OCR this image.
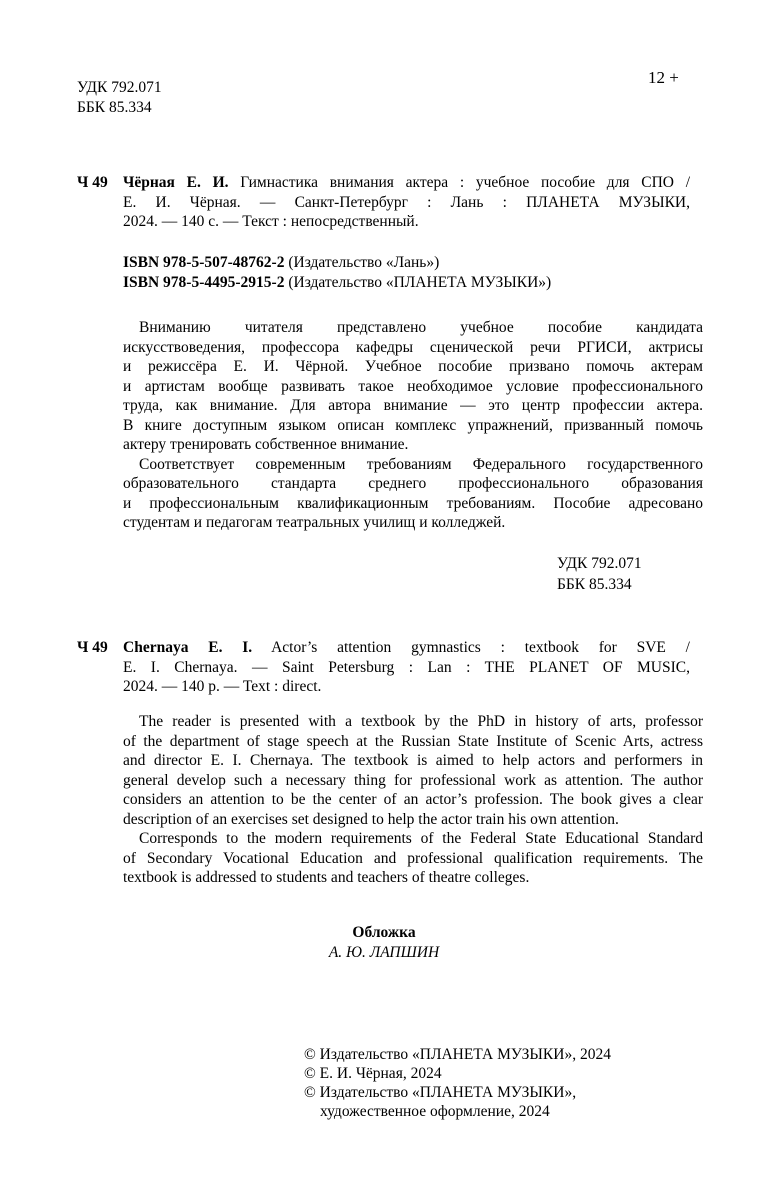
УДК 792.071
ББК 85.334
12 +
Ч 49 Чёрная Е. И. Гимнастика внимания актера : учебное пособие для СПО /
Е. И. Чёрная. — Санкт-Петербург : Лань : ПЛАНЕТА МУЗЫКИ,
2024. — 140 с. — Текст : непосредственный.
ISBN 978-5-507-48762-2 (Издательство «Лань»)
ISBN 978-5-4495-2915-2 (Издательство «ПЛАНЕТА МУЗЫКИ»)
Вниманию читателя представлено учебное пособие кандидата
искусствоведения, профессора кафедры сценической речи РГИСИ, актрисы
и режиссёра Е. И. Чёрной. Учебное пособие призвано помочь актерам
и артистам вообще развивать такое необходимое условие профессионального
труда, как внимание. Для автора внимание — это центр профессии актера.
В книге доступным языком описан комплекс упражнений, призванный помочь
актеру тренировать собственное внимание.
Соответствует современным требованиям Федерального государственного
образовательного стандарта среднего профессионального образования
и профессиональным квалификационным требованиям. Пособие адресовано
студентам и педагогам театральных училищ и колледжей.
УДК 792.071
ББК 85.334
Ч 49 Chernaya E. I. Actor’s attention gymnastics : textbook for SVE /
E. I. Chernaya. — Saint Petersburg : Lan : THE PLANET OF MUSIC,
2024. — 140 p. — Text : direct.
The reader is presented with a textbook by the PhD in history of arts, professor
of the department of stage speech at the Russian State Institute of Scenic Arts, actress
and director E. I. Chernaya. The textbook is aimed to help actors and performers in
general develop such a necessary thing for professional work as attention. The author
considers an attention to be the center of an actor’s profession. The book gives a clear
description of an exercises set designed to help the actor train his own attention.
Corresponds to the modern requirements of the Federal State Educational Standard
of Secondary Vocational Education and professional qualification requirements. The
textbook is addressed to students and teachers of theatre colleges.
Обложка
А. Ю. ЛАПШИН
© Издательство «ПЛАНЕТА МУЗЫКИ», 2024
© Е. И. Чёрная, 2024
© Издательство «ПЛАНЕТА МУЗЫКИ»,
художественное оформление, 2024
